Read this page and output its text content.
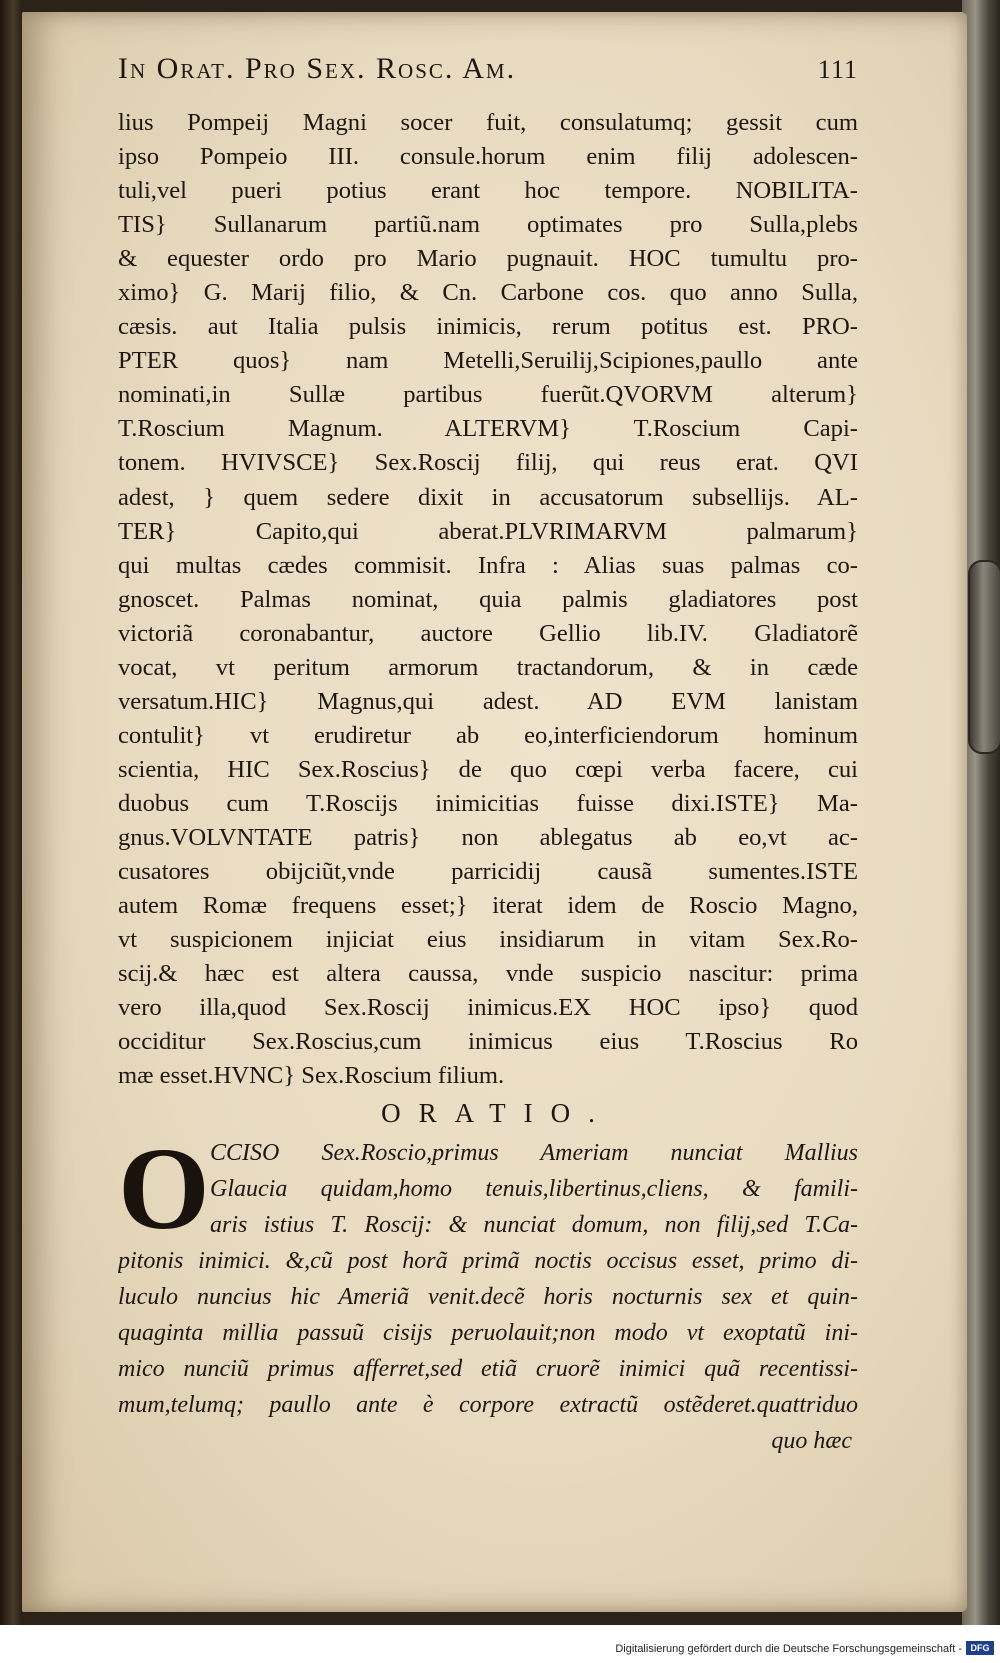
In Orat. Pro Sex. Rosc. Am.	111
lius Pompeij Magni socer fuit, consulatumq; gessit cum
ipso Pompeio III. consule.horum enim filij adolescen-
tuli,vel pueri potius erant hoc tempore. NOBILITA-
TIS} Sullanarum partiũ.nam optimates pro Sulla,plebs
& equester ordo pro Mario pugnauit. HOC tumultu pro-
ximo} G. Marij filio, & Cn. Carbone cos. quo anno Sulla,
cæsis. aut Italia pulsis inimicis, rerum potitus est. PRO-
PTER quos} nam Metelli,Seruilij,Scipiones,paullo ante
nominati,in Sullæ partibus fuerũt.QVORVM alterum}
T.Roscium Magnum. ALTERVM} T.Roscium Capi-
tonem. HVIVSCE} Sex.Roscij filij, qui reus erat. QVI
adest, } quem sedere dixit in accusatorum subsellijs. AL-
TER} Capito,qui aberat.PLVRIMARVM palmarum}
qui multas cædes commisit. Infra : Alias suas palmas co-
gnoscet. Palmas nominat, quia palmis gladiatores post
victoriã coronabantur, auctore Gellio lib.IV. Gladiatorẽ
vocat, vt peritum armorum tractandorum, & in cæde
versatum.HIC} Magnus,qui adest. AD EVM lanistam
contulit} vt erudiretur ab eo,interficiendorum hominum
scientia, HIC Sex.Roscius} de quo cœpi verba facere, cui
duobus cum T.Roscijs inimicitias fuisse dixi.ISTE} Ma-
gnus.VOLVNTATE patris} non ablegatus ab eo,vt ac-
cusatores obijciũt,vnde parricidij causã sumentes.ISTE
autem Romæ frequens esset;} iterat idem de Roscio Magno,
vt suspicionem injiciat eius insidiarum in vitam Sex.Ro-
scij.& hæc est altera caussa, vnde suspicio nascitur: prima
vero illa,quod Sex.Roscij inimicus.EX HOC ipso} quod
occiditur Sex.Roscius,cum inimicus eius T.Roscius Ro
mæ esset.HVNC} Sex.Roscium filium.
ORATIO.
O CCISO Sex.Roscio,primus Ameriam nunciat Mallius
Glaucia quidam,homo tenuis,libertinus,cliens, & famili-
aris istius T. Roscij: & nunciat domum, non filij,sed T.Ca-
pitonis inimici. &,cũ post horã primã noctis occisus esset, primo di-
luculo nuncius hic Ameriã venit.decẽ horis nocturnis sex et quin-
quaginta millia passuũ cisijs peruolauit;non modo vt exoptatũ ini-
mico nunciũ primus afferret,sed etiã cruorẽ inimici quã recentissi-
mum,telumq; paullo ante è corpore extractũ ostẽderet.quattriduo
quo hæc
Digitalisierung gefördert durch die Deutsche Forschungsgemeinschaft - DFG
